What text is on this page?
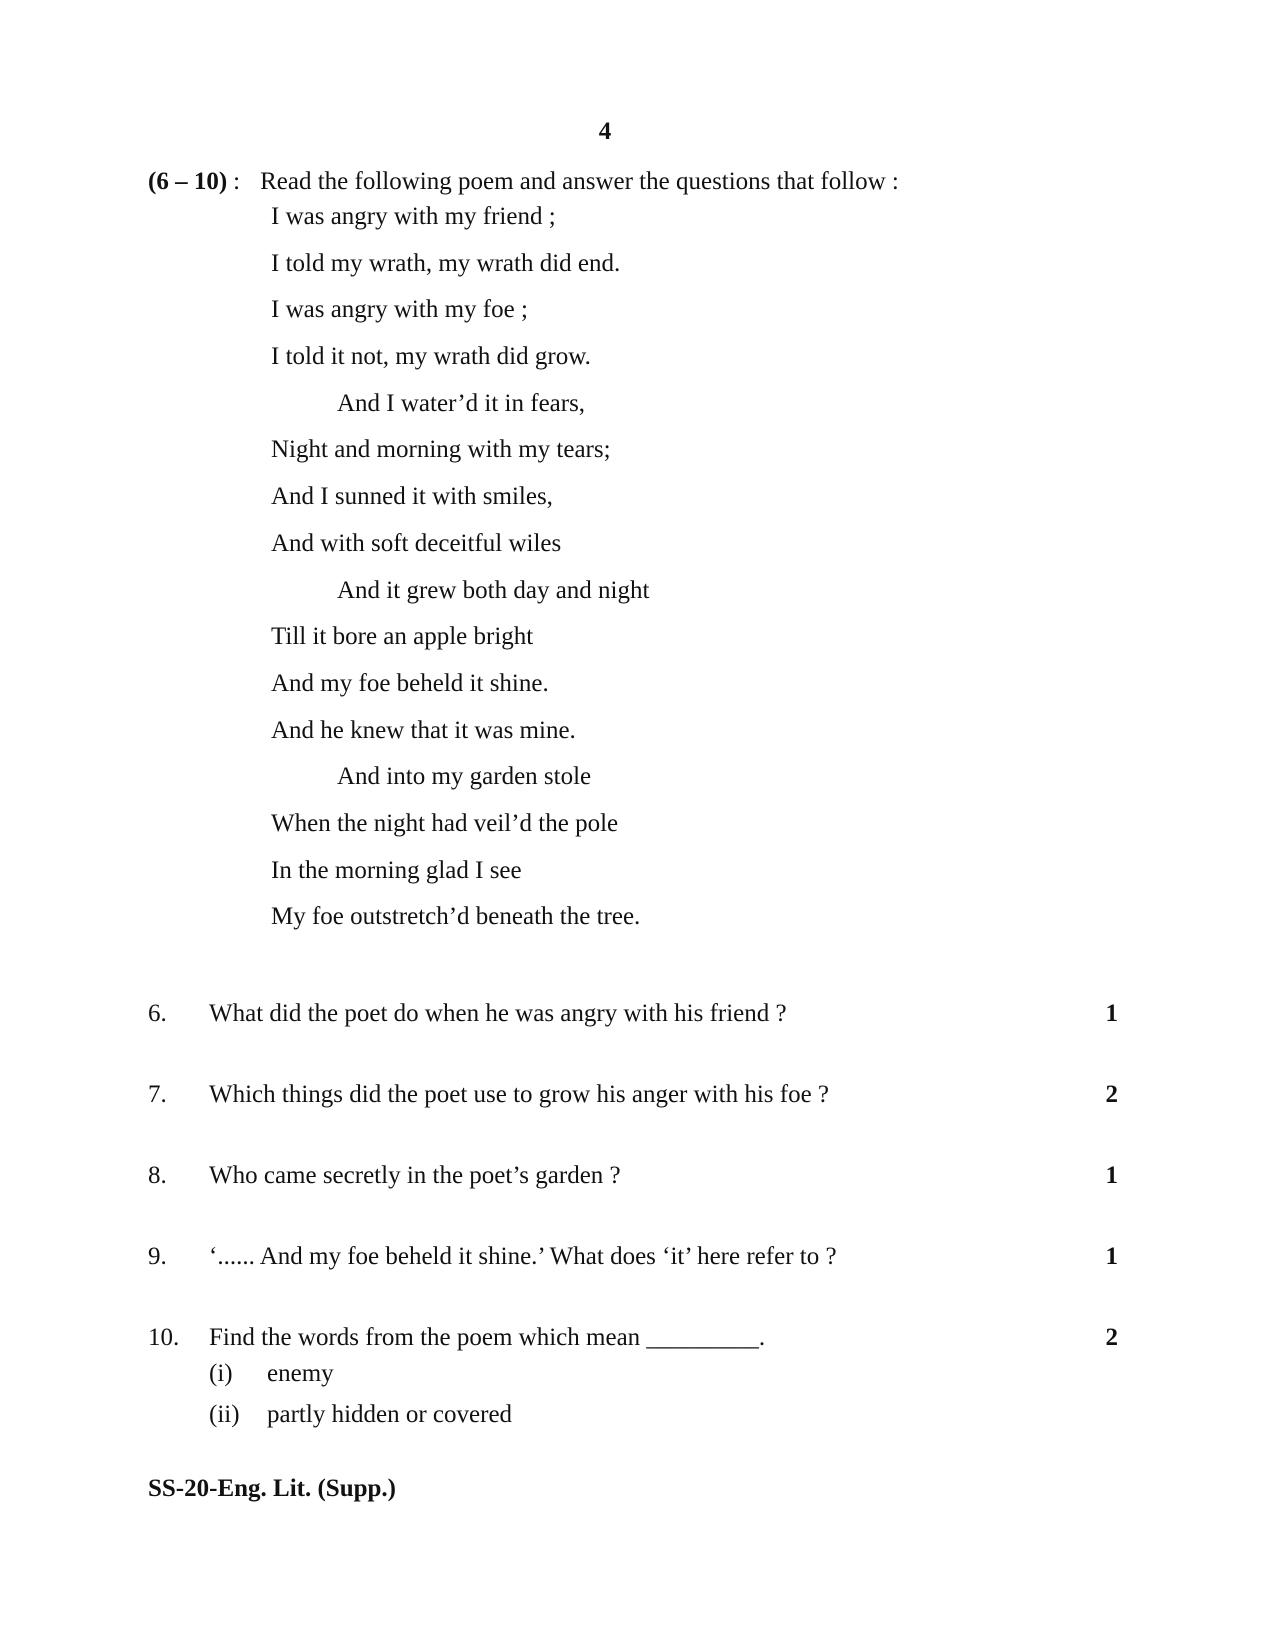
4
(6 – 10) : Read the following poem and answer the questions that follow :
I was angry with my friend ;
I told my wrath, my wrath did end.
I was angry with my foe ;
I told it not, my wrath did grow.
And I water’d it in fears,
Night and morning with my tears;
And I sunned it with smiles,
And with soft deceitful wiles
And it grew both day and night
Till it bore an apple bright
And my foe beheld it shine.
And he knew that it was mine.
And into my garden stole
When the night had veil’d the pole
In the morning glad I see
My foe outstretch’d beneath the tree.
6. What did the poet do when he was angry with his friend ?	1
7. Which things did the poet use to grow his anger with his foe ?	2
8. Who came secretly in the poet’s garden ?	1
9. ‘...... And my foe beheld it shine.’ What does ‘it’ here refer to ?	1
10. Find the words from the poem which mean _________.	2
(i) enemy
(ii) partly hidden or covered
SS-20-Eng. Lit. (Supp.)
